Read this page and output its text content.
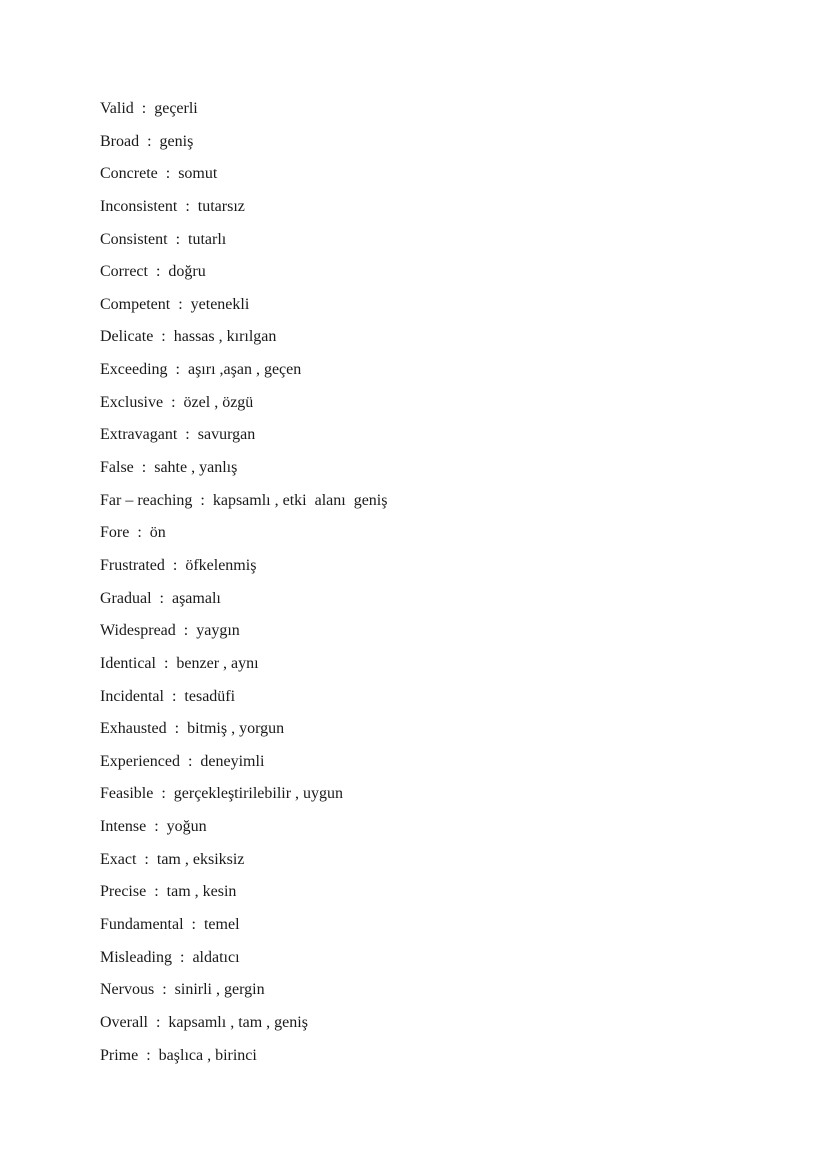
Valid  :  geçerli
Broad  :  geniş
Concrete  :  somut
Inconsistent  :  tutarsız
Consistent  :  tutarlı
Correct  :  doğru
Competent  :  yetenekli
Delicate  :  hassas , kırılgan
Exceeding  :  aşırı ,aşan , geçen
Exclusive  :  özel , özgü
Extravagant  :  savurgan
False  :  sahte , yanlış
Far – reaching  :  kapsamlı , etki  alanı  geniş
Fore  :  ön
Frustrated  :  öfkelenmiş
Gradual  :  aşamalı
Widespread  :  yaygın
Identical  :  benzer , aynı
Incidental  :  tesadüfi
Exhausted  :  bitmiş , yorgun
Experienced  :  deneyimli
Feasible  :  gerçekleştirilebilir , uygun
Intense  :  yoğun
Exact  :  tam , eksiksiz
Precise  :  tam , kesin
Fundamental  :  temel
Misleading  :  aldatıcı
Nervous  :  sinirli , gergin
Overall  :  kapsamlı , tam , geniş
Prime  :  başlıca , birinci
